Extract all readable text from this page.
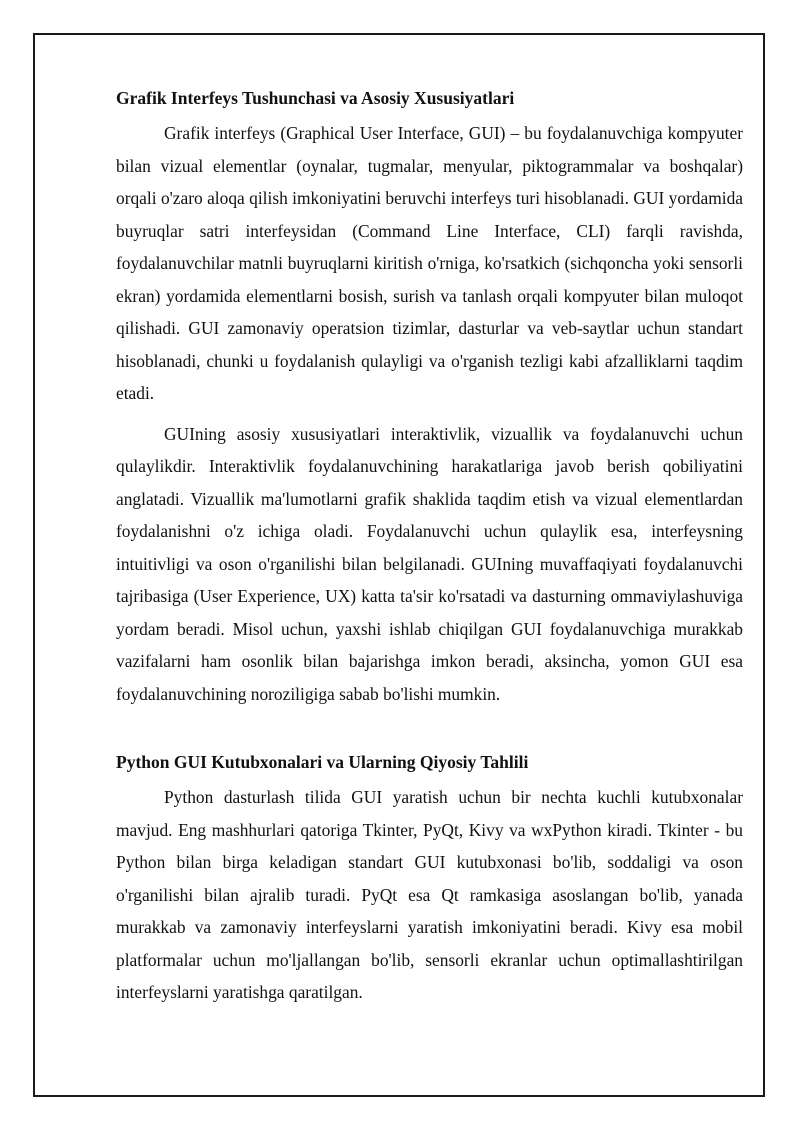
Grafik Interfeys Tushunchasi va Asosiy Xususiyatlari

Grafik interfeys (Graphical User Interface, GUI) – bu foydalanuvchiga kompyuter bilan vizual elementlar (oynalar, tugmalar, menyular, piktogrammalar va boshqalar) orqali o'zaro aloqa qilish imkoniyatini beruvchi interfeys turi hisoblanadi. GUI yordamida buyruqlar satri interfeysidan (Command Line Interface, CLI) farqli ravishda, foydalanuvchilar matnli buyruqlarni kiritish o'rniga, ko'rsatkich (sichqoncha yoki sensorli ekran) yordamida elementlarni bosish, surish va tanlash orqali kompyuter bilan muloqot qilishadi. GUI zamonaviy operatsion tizimlar, dasturlar va veb-saytlar uchun standart hisoblanadi, chunki u foydalanish qulayligi va o'rganish tezligi kabi afzalliklarni taqdim etadi.

GUIning asosiy xususiyatlari interaktivlik, vizuallik va foydalanuvchi uchun qulaylikdir. Interaktivlik foydalanuvchining harakatlariga javob berish qobiliyatini anglatadi. Vizuallik ma'lumotlarni grafik shaklida taqdim etish va vizual elementlardan foydalanishni o'z ichiga oladi. Foydalanuvchi uchun qulaylik esa, interfeysning intuitivligi va oson o'rganilishi bilan belgilanadi. GUIning muvaffaqiyati foydalanuvchi tajribasiga (User Experience, UX) katta ta'sir ko'rsatadi va dasturning ommaviylashuviga yordam beradi. Misol uchun, yaxshi ishlab chiqilgan GUI foydalanuvchiga murakkab vazifalarni ham osonlik bilan bajarishga imkon beradi, aksincha, yomon GUI esa foydalanuvchining noroziligiga sabab bo'lishi mumkin.

Python GUI Kutubxonalari va Ularning Qiyosiy Tahlili

Python dasturlash tilida GUI yaratish uchun bir nechta kuchli kutubxonalar mavjud. Eng mashhurlari qatoriga Tkinter, PyQt, Kivy va wxPython kiradi. Tkinter - bu Python bilan birga keladigan standart GUI kutubxonasi bo'lib, soddaligi va oson o'rganilishi bilan ajralib turadi. PyQt esa Qt ramkasiga asoslangan bo'lib, yanada murakkab va zamonaviy interfeyslarni yaratish imkoniyatini beradi. Kivy esa mobil platformalar uchun mo'ljallangan bo'lib, sensorli ekranlar uchun optimallashtirilgan interfeyslarni yaratishga qaratilgan.
